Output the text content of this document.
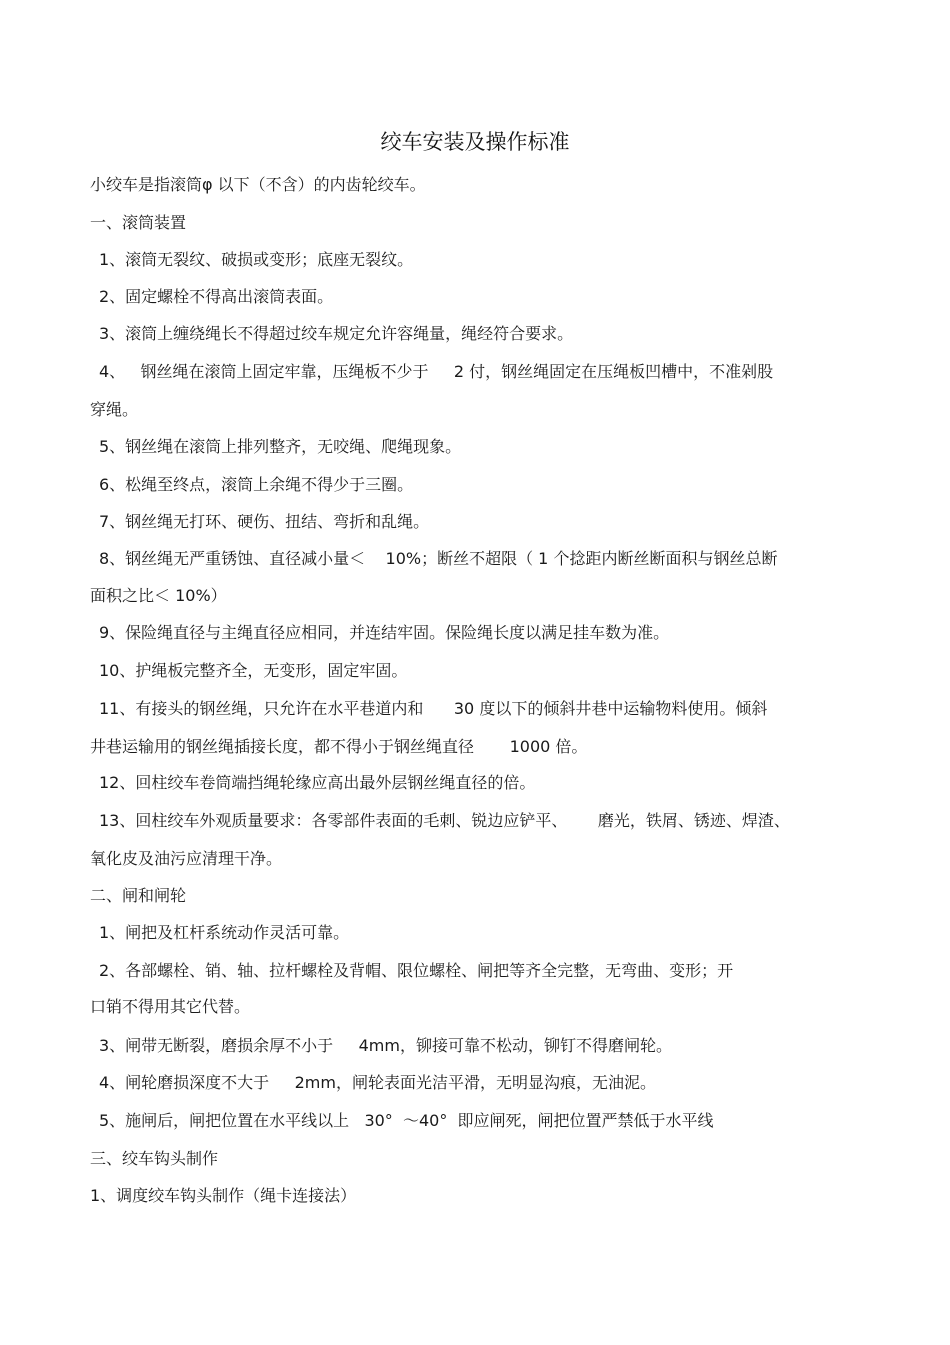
绞车安装及操作标准
小绞车是指滚筒φ 以下（不含）的内齿轮绞车。
一、滚筒装置
1、滚筒无裂纹、破损或变形；底座无裂纹。
2、固定螺栓不得高出滚筒表面。
3、滚筒上缠绕绳长不得超过绞车规定允许容绳量，绳经符合要求。
4、   钢丝绳在滚筒上固定牢靠，压绳板不少于     2 付，钢丝绳固定在压绳板凹槽中，不准剁股
穿绳。
5、钢丝绳在滚筒上排列整齐，无咬绳、爬绳现象。
6、松绳至终点，滚筒上余绳不得少于三圈。
7、钢丝绳无打环、硬伤、扭结、弯折和乱绳。
8、钢丝绳无严重锈蚀、直径减小量＜    10%；断丝不超限（ 1 个捻距内断丝断面积与钢丝总断
面积之比＜ 10%）
9、保险绳直径与主绳直径应相同，并连结牢固。保险绳长度以满足挂车数为准。
10、护绳板完整齐全，无变形，固定牢固。
11、有接头的钢丝绳，只允许在水平巷道内和      30 度以下的倾斜井巷中运输物料使用。倾斜
井巷运输用的钢丝绳插接长度，都不得小于钢丝绳直径       1000 倍。
12、回柱绞车卷筒端挡绳轮缘应高出最外层钢丝绳直径的倍。
13、回柱绞车外观质量要求：各零部件表面的毛刺、锐边应铲平、      磨光，铁屑、锈迹、焊渣、
氧化皮及油污应清理干净。
二、闸和闸轮
1、闸把及杠杆系统动作灵活可靠。
2、各部螺栓、销、轴、拉杆螺栓及背帽、限位螺栓、闸把等齐全完整，无弯曲、变形；开
口销不得用其它代替。
3、闸带无断裂，磨损余厚不小于     4mm，铆接可靠不松动，铆钉不得磨闸轮。
4、闸轮磨损深度不大于     2mm，闸轮表面光洁平滑，无明显沟痕，无油泥。
5、施闸后，闸把位置在水平线以上   30°  ～40°  即应闸死，闸把位置严禁低于水平线
三、绞车钩头制作
1、调度绞车钩头制作（绳卡连接法）
